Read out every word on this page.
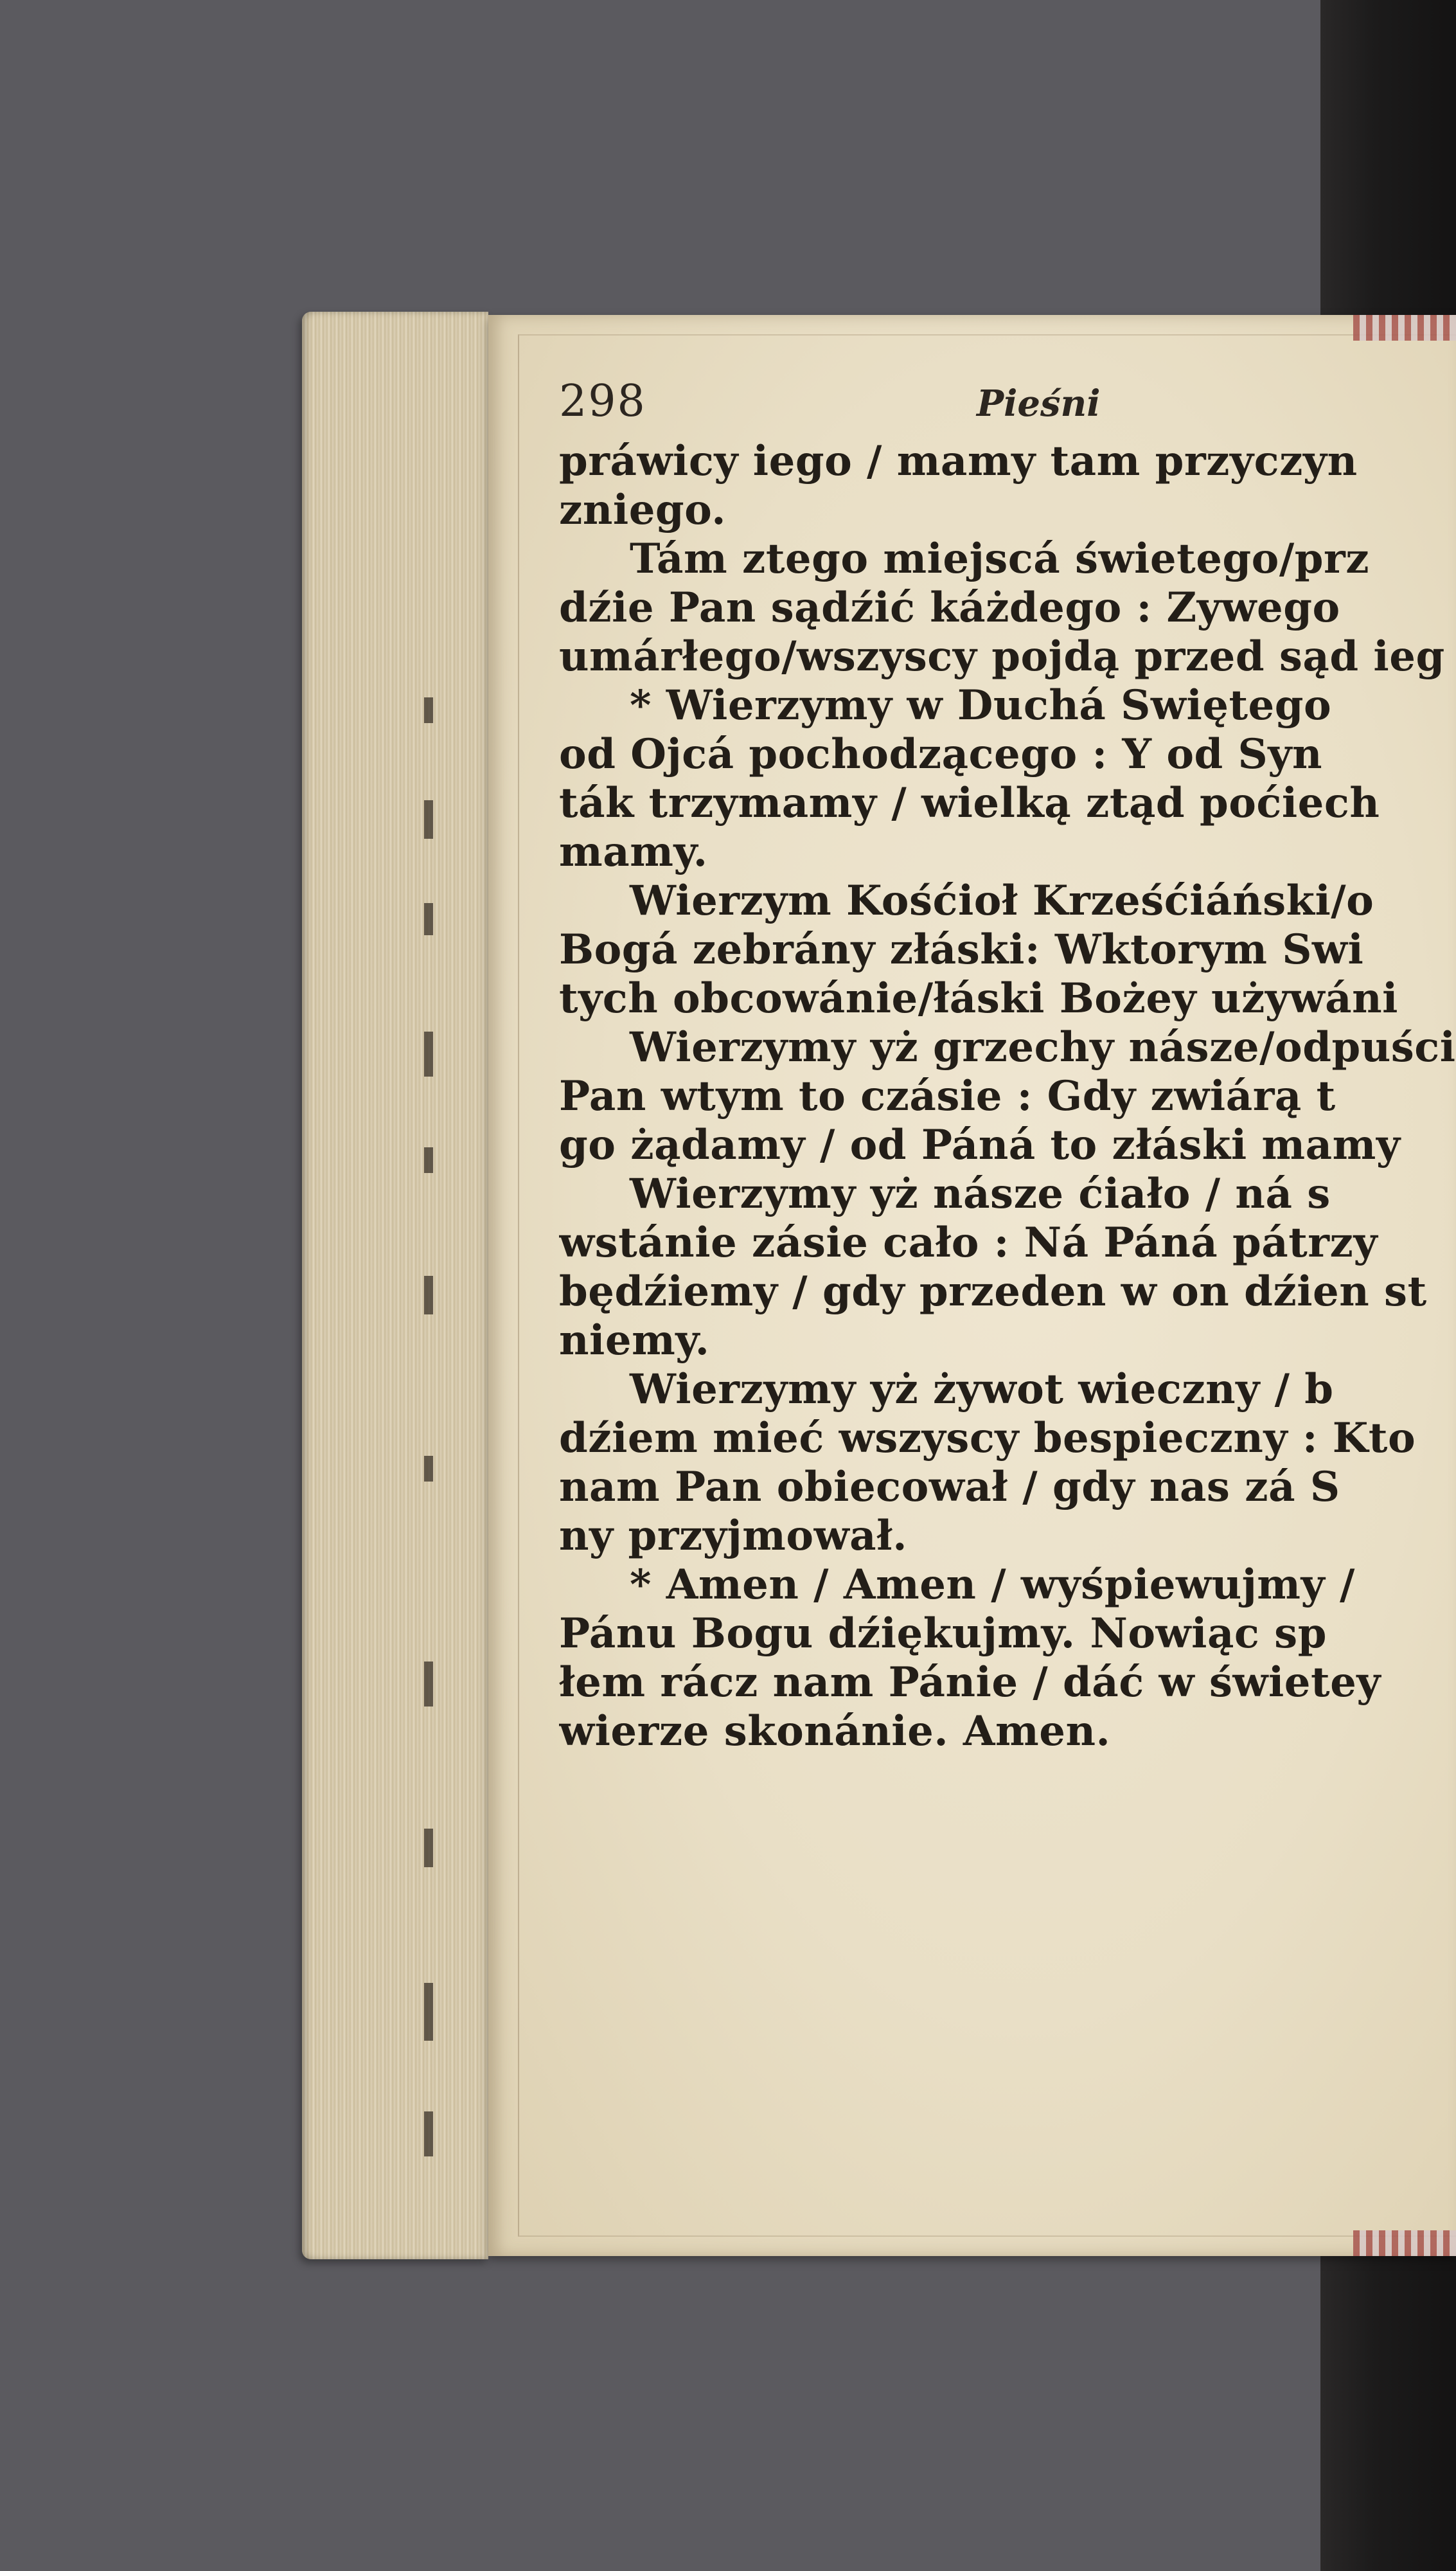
298	Pieśni
práwicy iego / mamy tam przyczyn
zniego.
Tám ztego miejscá świetego/prz
dźie Pan sądźić káżdego : Zywego
umárłego/wszyscy pojdą przed sąd ieg
* Wierzymy w Duchá Swiętego
od Ojcá pochodzącego : Y od Syn
ták trzymamy / wielką ztąd poćiech
mamy.
Wierzym Kośćioł Krześćiáński/o
Bogá zebrány złáski: Wktorym Swi
tych obcowánie/łáski Bożey używáni
Wierzymy yż grzechy násze/odpuści
Pan wtym to czásie : Gdy zwiárą t
go żądamy / od Páná to złáski mamy
Wierzymy yż násze ćiało / ná s
wstánie zásie cało : Ná Páná pátrzy
będźiemy / gdy przeden w on dźien st
niemy.
Wierzymy yż żywot wieczny / b
dźiem mieć wszyscy bespieczny : Kto
nam Pan obiecował / gdy nas zá S
ny przyjmował.
* Amen / Amen / wyśpiewujmy /
Pánu Bogu dźiękujmy. Nowiąc sp
łem rácz nam Pánie / dáć w świetey
wierze skonánie. Amen.
